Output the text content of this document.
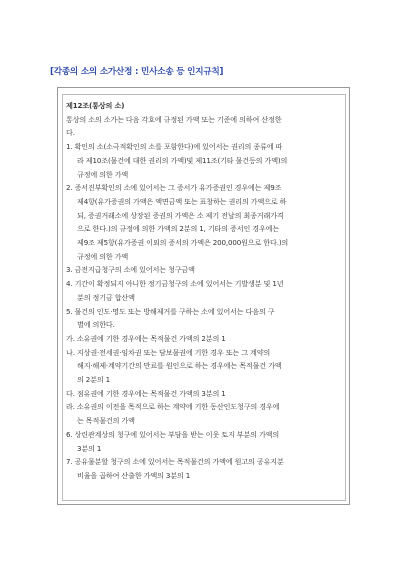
[각종의 소의 소가산정 : 민사소송 등 인지규칙]
제12조(통상의 소)
통상의 소의 소가는 다음 각호에 규정된 가액 또는 기준에 의하여 산정한
다.
1. 확인의 소(소극적확인의 소를 포함한다)에 있어서는 권리의 종류에 따
라 제10조(물건에 대한 권리의 가액)및 제11조(기타 물건등의 가액)의
규정에 의한 가액
2. 증서진부확인의 소에 있어서는 그 증서가 유가증권인 경우에는 제9조
제4항(유가증권의 가액은 액면금액 또는 표창하는 권리의 가액으로 하
되, 증권거래소에 상장된 증권의 가액은 소 제기 전날의 최종거래가격
으로 한다.)의 규정에 의한 가액의 2분의 1, 기타의 증서인 경우에는
제9조 제5항(유가증권 이외의 증서의 가액은 200,000원으로 한다.)의
규정에 의한 가액
3. 금전지급청구의 소에 있어서는 청구금액
4. 기간이 확정되지 아니한 정기금청구의 소에 있어서는 기발생분 및 1년
분의 정기금 합산액
5. 물건의 인도·명도 또는 방해제거를 구하는 소에 있어서는 다음의 구
별에 의한다.
가. 소유권에 기한 경우에는 목적물건 가액의 2분의 1
나. 지상권·전세권·임차권 또는 담보물권에 기한 경우 또는 그 계약의
해지·해제·계약기간의 만료를 원인으로 하는 경우에는 목적물건 가액
의 2분의 1
다. 점유권에 기한 경우에는 목적물건 가액의 3분의 1
라. 소유권의 이전을 목적으로 하는 계약에 기한 동산인도청구의 경우에
는 목적물건의 가액
6. 상린관계상의 청구에 있어서는 부담을 받는 이웃 토지 부분의 가액의
3분의 1
7. 공유물분할 청구의 소에 있어서는 목적물건의 가액에 원고의 공유지분
비율을 곱하여 산출한 가액의 3분의 1
